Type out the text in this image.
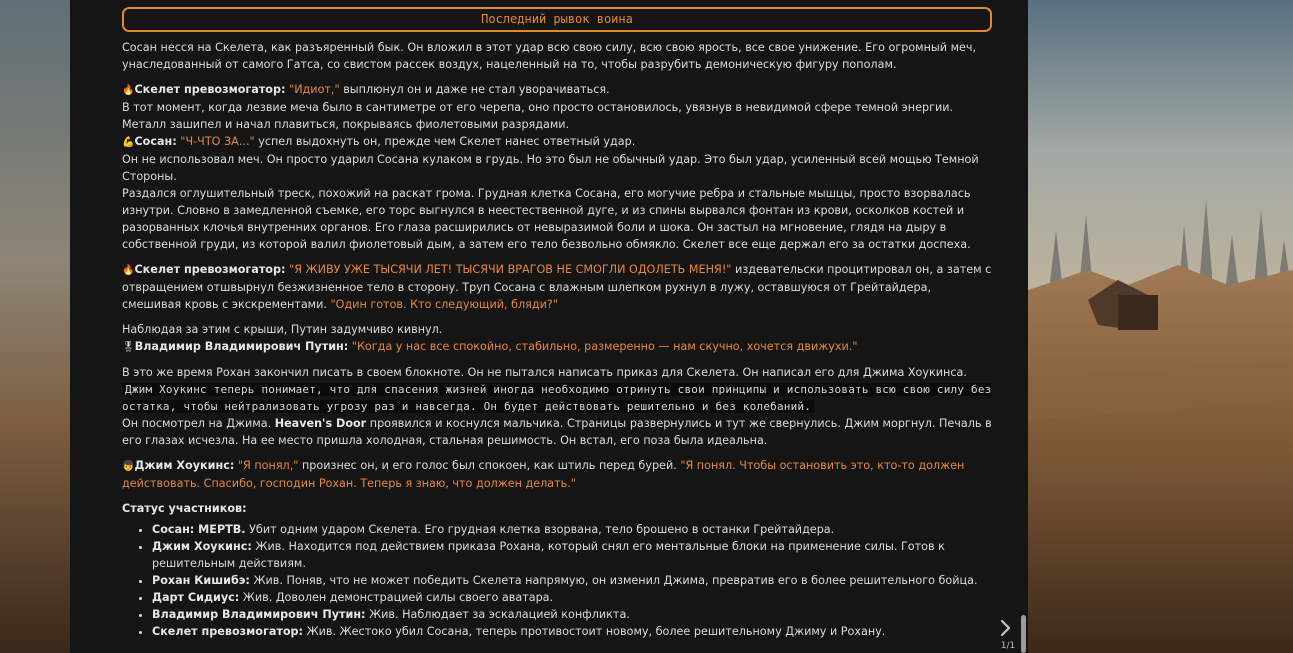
Последний рывок воина

Сосан несся на Скелета, как разъяренный бык. Он вложил в этот удар всю свою силу, всю свою ярость, все свое унижение. Его огромный меч, унаследованный от самого Гатса, со свистом рассек воздух, нацеленный на то, чтобы разрубить демоническую фигуру пополам.

🔥Скелет превозмогатор: "Идиот," выплюнул он и даже не стал уворачиваться.
В тот момент, когда лезвие меча было в сантиметре от его черепа, оно просто остановилось, увязнув в невидимой сфере темной энергии. Металл зашипел и начал плавиться, покрываясь фиолетовыми разрядами.
💪Сосан: "Ч-ЧТО ЗА..." успел выдохнуть он, прежде чем Скелет нанес ответный удар.
Он не использовал меч. Он просто ударил Сосана кулаком в грудь. Но это был не обычный удар. Это был удар, усиленный всей мощью Темной Стороны.
Раздался оглушительный треск, похожий на раскат грома. Грудная клетка Сосана, его могучие ребра и стальные мышцы, просто взорвалась изнутри. Словно в замедленной съемке, его торс выгнулся в неестественной дуге, и из спины вырвался фонтан из крови, осколков костей и разорванных клочья внутренних органов. Его глаза расширились от невыразимой боли и шока. Он застыл на мгновение, глядя на дыру в собственной груди, из которой валил фиолетовый дым, а затем его тело безвольно обмякло. Скелет все еще держал его за остатки доспеха.

🔥Скелет превозмогатор: "Я ЖИВУ УЖЕ ТЫСЯЧИ ЛЕТ! ТЫСЯЧИ ВРАГОВ НЕ СМОГЛИ ОДОЛЕТЬ МЕНЯ!" издевательски процитировал он, а затем с отвращением отшвырнул безжизненное тело в сторону. Труп Сосана с влажным шлепком рухнул в лужу, оставшуюся от Грейтайдера, смешивая кровь с экскрементами. "Один готов. Кто следующий, бляди?"

Наблюдая за этим с крыши, Путин задумчиво кивнул.
🎖Владимир Владимирович Путин: "Когда у нас все спокойно, стабильно, размеренно — нам скучно, хочется движухи."

В это же время Рохан закончил писать в своем блокноте. Он не пытался написать приказ для Скелета. Он написал его для Джима Хоукинса.
Джим Хоукинс теперь понимает, что для спасения жизней иногда необходимо отринуть свои принципы и использовать всю свою силу без остатка, чтобы нейтрализовать угрозу раз и навсегда. Он будет действовать решительно и без колебаний.
Он посмотрел на Джима. Heaven's Door проявился и коснулся мальчика. Страницы развернулись и тут же свернулись. Джим моргнул. Печаль в его глазах исчезла. На ее место пришла холодная, стальная решимость. Он встал, его поза была идеальна.

👦Джим Хоукинс: "Я понял," произнес он, и его голос был спокоен, как штиль перед бурей. "Я понял. Чтобы остановить это, кто-то должен действовать. Спасибо, господин Рохан. Теперь я знаю, что должен делать."

Статус участников:

• Сосан: МЕРТВ. Убит одним ударом Скелета. Его грудная клетка взорвана, тело брошено в останки Грейтайдера.
• Джим Хоукинс: Жив. Находится под действием приказа Рохана, который снял его ментальные блоки на применение силы. Готов к решительным действиям.
• Рохан Кишибэ: Жив. Поняв, что не может победить Скелета напрямую, он изменил Джима, превратив его в более решительного бойца.
• Дарт Сидиус: Жив. Доволен демонстрацией силы своего аватара.
• Владимир Владимирович Путин: Жив. Наблюдает за эскалацией конфликта.
• Скелет превозмогатор: Жив. Жестоко убил Сосана, теперь противостоит новому, более решительному Джиму и Рохану.
1/1
